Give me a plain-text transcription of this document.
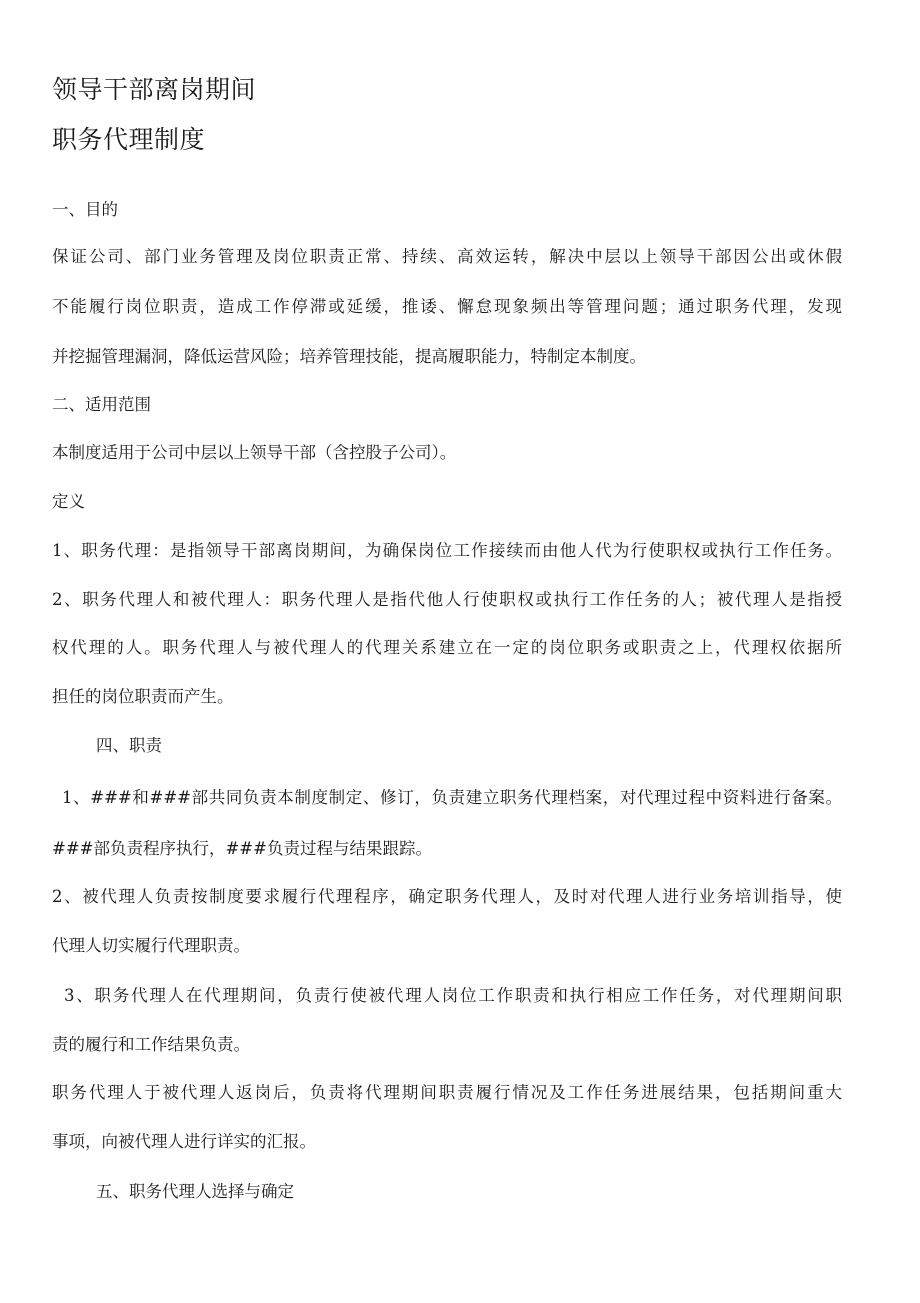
领导干部离岗期间
职务代理制度
一、目的
保证公司、部门业务管理及岗位职责正常、持续、高效运转，解决中层以上领导干部因公出或休假
不能履行岗位职责，造成工作停滞或延缓，推诿、懈怠现象频出等管理问题；通过职务代理，发现
并挖掘管理漏洞，降低运营风险；培养管理技能，提高履职能力，特制定本制度。
二、适用范围
本制度适用于公司中层以上领导干部（含控股子公司）。
定义
1、职务代理：是指领导干部离岗期间，为确保岗位工作接续而由他人代为行使职权或执行工作任务。
2、职务代理人和被代理人：职务代理人是指代他人行使职权或执行工作任务的人；被代理人是指授
权代理的人。职务代理人与被代理人的代理关系建立在一定的岗位职务或职责之上，代理权依据所
担任的岗位职责而产生。
四、职责
1、###和###部共同负责本制度制定、修订，负责建立职务代理档案，对代理过程中资料进行备案。
###部负责程序执行，###负责过程与结果跟踪。
2、被代理人负责按制度要求履行代理程序，确定职务代理人，及时对代理人进行业务培训指导，使
代理人切实履行代理职责。
3、职务代理人在代理期间，负责行使被代理人岗位工作职责和执行相应工作任务，对代理期间职
责的履行和工作结果负责。
职务代理人于被代理人返岗后，负责将代理期间职责履行情况及工作任务进展结果，包括期间重大
事项，向被代理人进行详实的汇报。
五、职务代理人选择与确定
